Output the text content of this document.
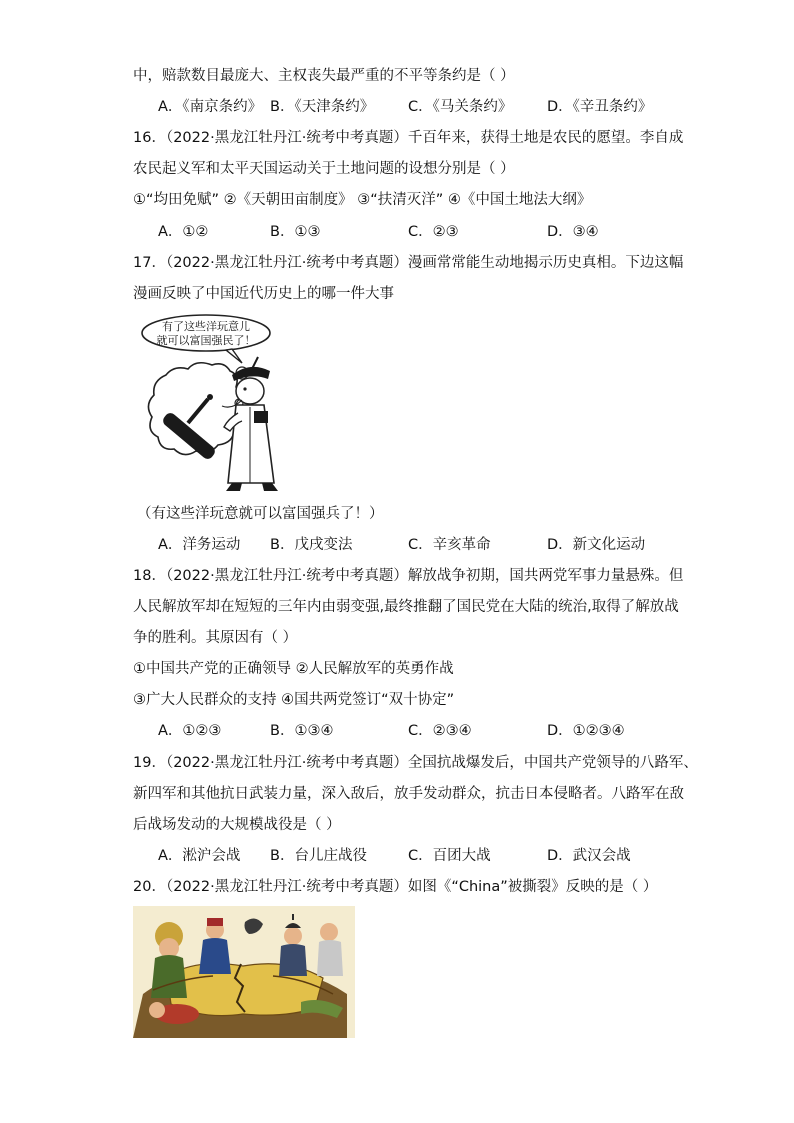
中，赔款数目最庞大、主权丧失最严重的不平等条约是（ ）
A．《南京条约》 B．《天津条约》 C．《马关条约》 D．《辛丑条约》
16．（2022·黑龙江牡丹江·统考中考真题）千百年来，获得土地是农民的愿望。李自成
农民起义军和太平天国运动关于土地问题的设想分别是（ ）
①“均田免赋” ②《天朝田亩制度》 ③“扶清灭洋” ④《中国土地法大纲》
A．①②	B．①③	C．②③	D．③④
17．（2022·黑龙江牡丹江·统考中考真题）漫画常常能生动地揭示历史真相。下边这幅
漫画反映了中国近代历史上的哪一件大事
有了这些洋玩意儿
就可以富国强民了！
（有这些洋玩意就可以富国强兵了！）
A．洋务运动 B．戊戌变法	C．辛亥革命	D．新文化运动
18．（2022·黑龙江牡丹江·统考中考真题）解放战争初期，国共两党军事力量悬殊。但
人民解放军却在短短的三年内由弱变强,最终推翻了国民党在大陆的统治,取得了解放战
争的胜利。其原因有（ ）
①中国共产党的正确领导 ②人民解放军的英勇作战
③广大人民群众的支持 ④国共两党签订“双十协定”
A．①②③	B．①③④	C．②③④	D．①②③④
19．（2022·黑龙江牡丹江·统考中考真题）全国抗战爆发后，中国共产党领导的八路军、
新四军和其他抗日武装力量，深入敌后，放手发动群众，抗击日本侵略者。八路军在敌
后战场发动的大规模战役是（ ）
A．淞沪会战 B．台儿庄战役	C．百团大战	D．武汉会战
20．（2022·黑龙江牡丹江·统考中考真题）如图《“China”被撕裂》反映的是（ ）
